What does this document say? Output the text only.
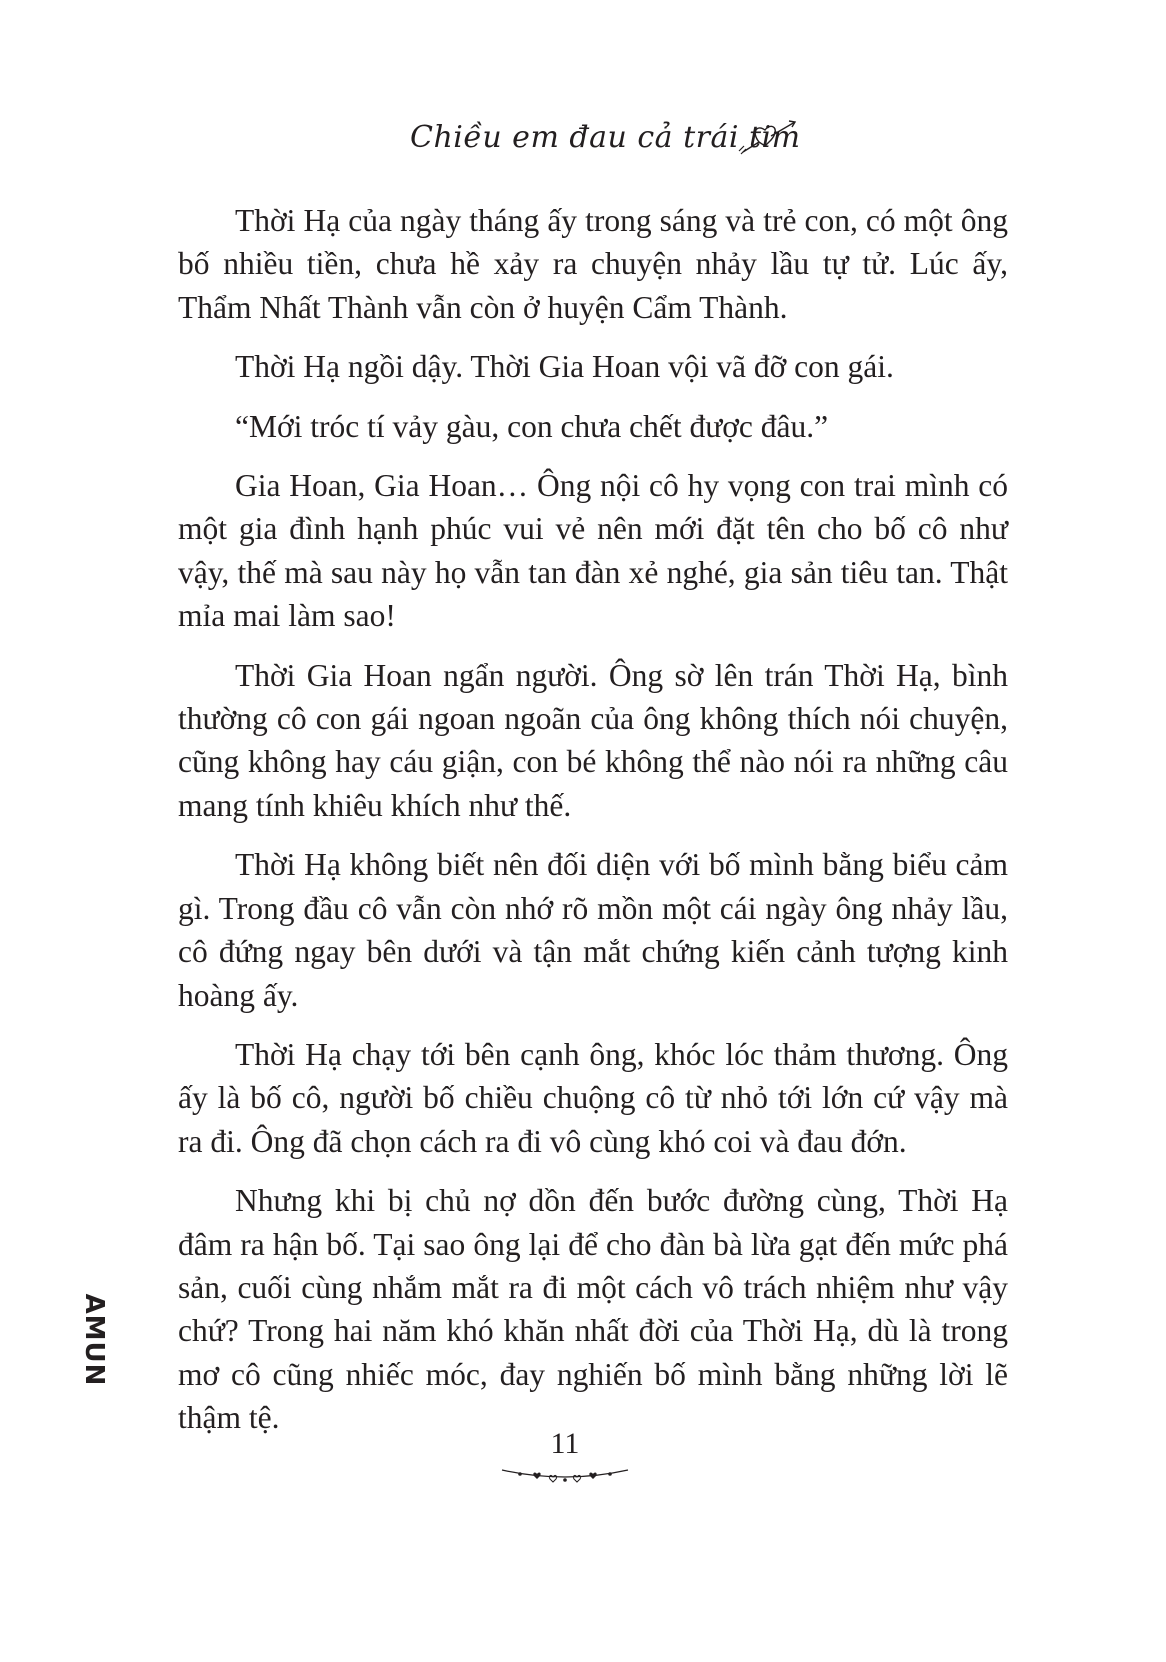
Chiều em đau cả trái tim

Thời Hạ của ngày tháng ấy trong sáng và trẻ con, có một ông bố nhiều tiền, chưa hề xảy ra chuyện nhảy lầu tự tử. Lúc ấy, Thẩm Nhất Thành vẫn còn ở huyện Cẩm Thành.

Thời Hạ ngồi dậy. Thời Gia Hoan vội vã đỡ con gái.

“Mới tróc tí vảy gàu, con chưa chết được đâu.”

Gia Hoan, Gia Hoan… Ông nội cô hy vọng con trai mình có một gia đình hạnh phúc vui vẻ nên mới đặt tên cho bố cô như vậy, thế mà sau này họ vẫn tan đàn xẻ nghé, gia sản tiêu tan. Thật mỉa mai làm sao!

Thời Gia Hoan ngẩn người. Ông sờ lên trán Thời Hạ, bình thường cô con gái ngoan ngoãn của ông không thích nói chuyện, cũng không hay cáu giận, con bé không thể nào nói ra những câu mang tính khiêu khích như thế.

Thời Hạ không biết nên đối diện với bố mình bằng biểu cảm gì. Trong đầu cô vẫn còn nhớ rõ mồn một cái ngày ông nhảy lầu, cô đứng ngay bên dưới và tận mắt chứng kiến cảnh tượng kinh hoàng ấy.

Thời Hạ chạy tới bên cạnh ông, khóc lóc thảm thương. Ông ấy là bố cô, người bố chiều chuộng cô từ nhỏ tới lớn cứ vậy mà ra đi. Ông đã chọn cách ra đi vô cùng khó coi và đau đớn.

Nhưng khi bị chủ nợ dồn đến bước đường cùng, Thời Hạ đâm ra hận bố. Tại sao ông lại để cho đàn bà lừa gạt đến mức phá sản, cuối cùng nhắm mắt ra đi một cách vô trách nhiệm như vậy chứ? Trong hai năm khó khăn nhất đời của Thời Hạ, dù là trong mơ cô cũng nhiếc móc, đay nghiến bố mình bằng những lời lẽ thậm tệ.

AMUN
11
